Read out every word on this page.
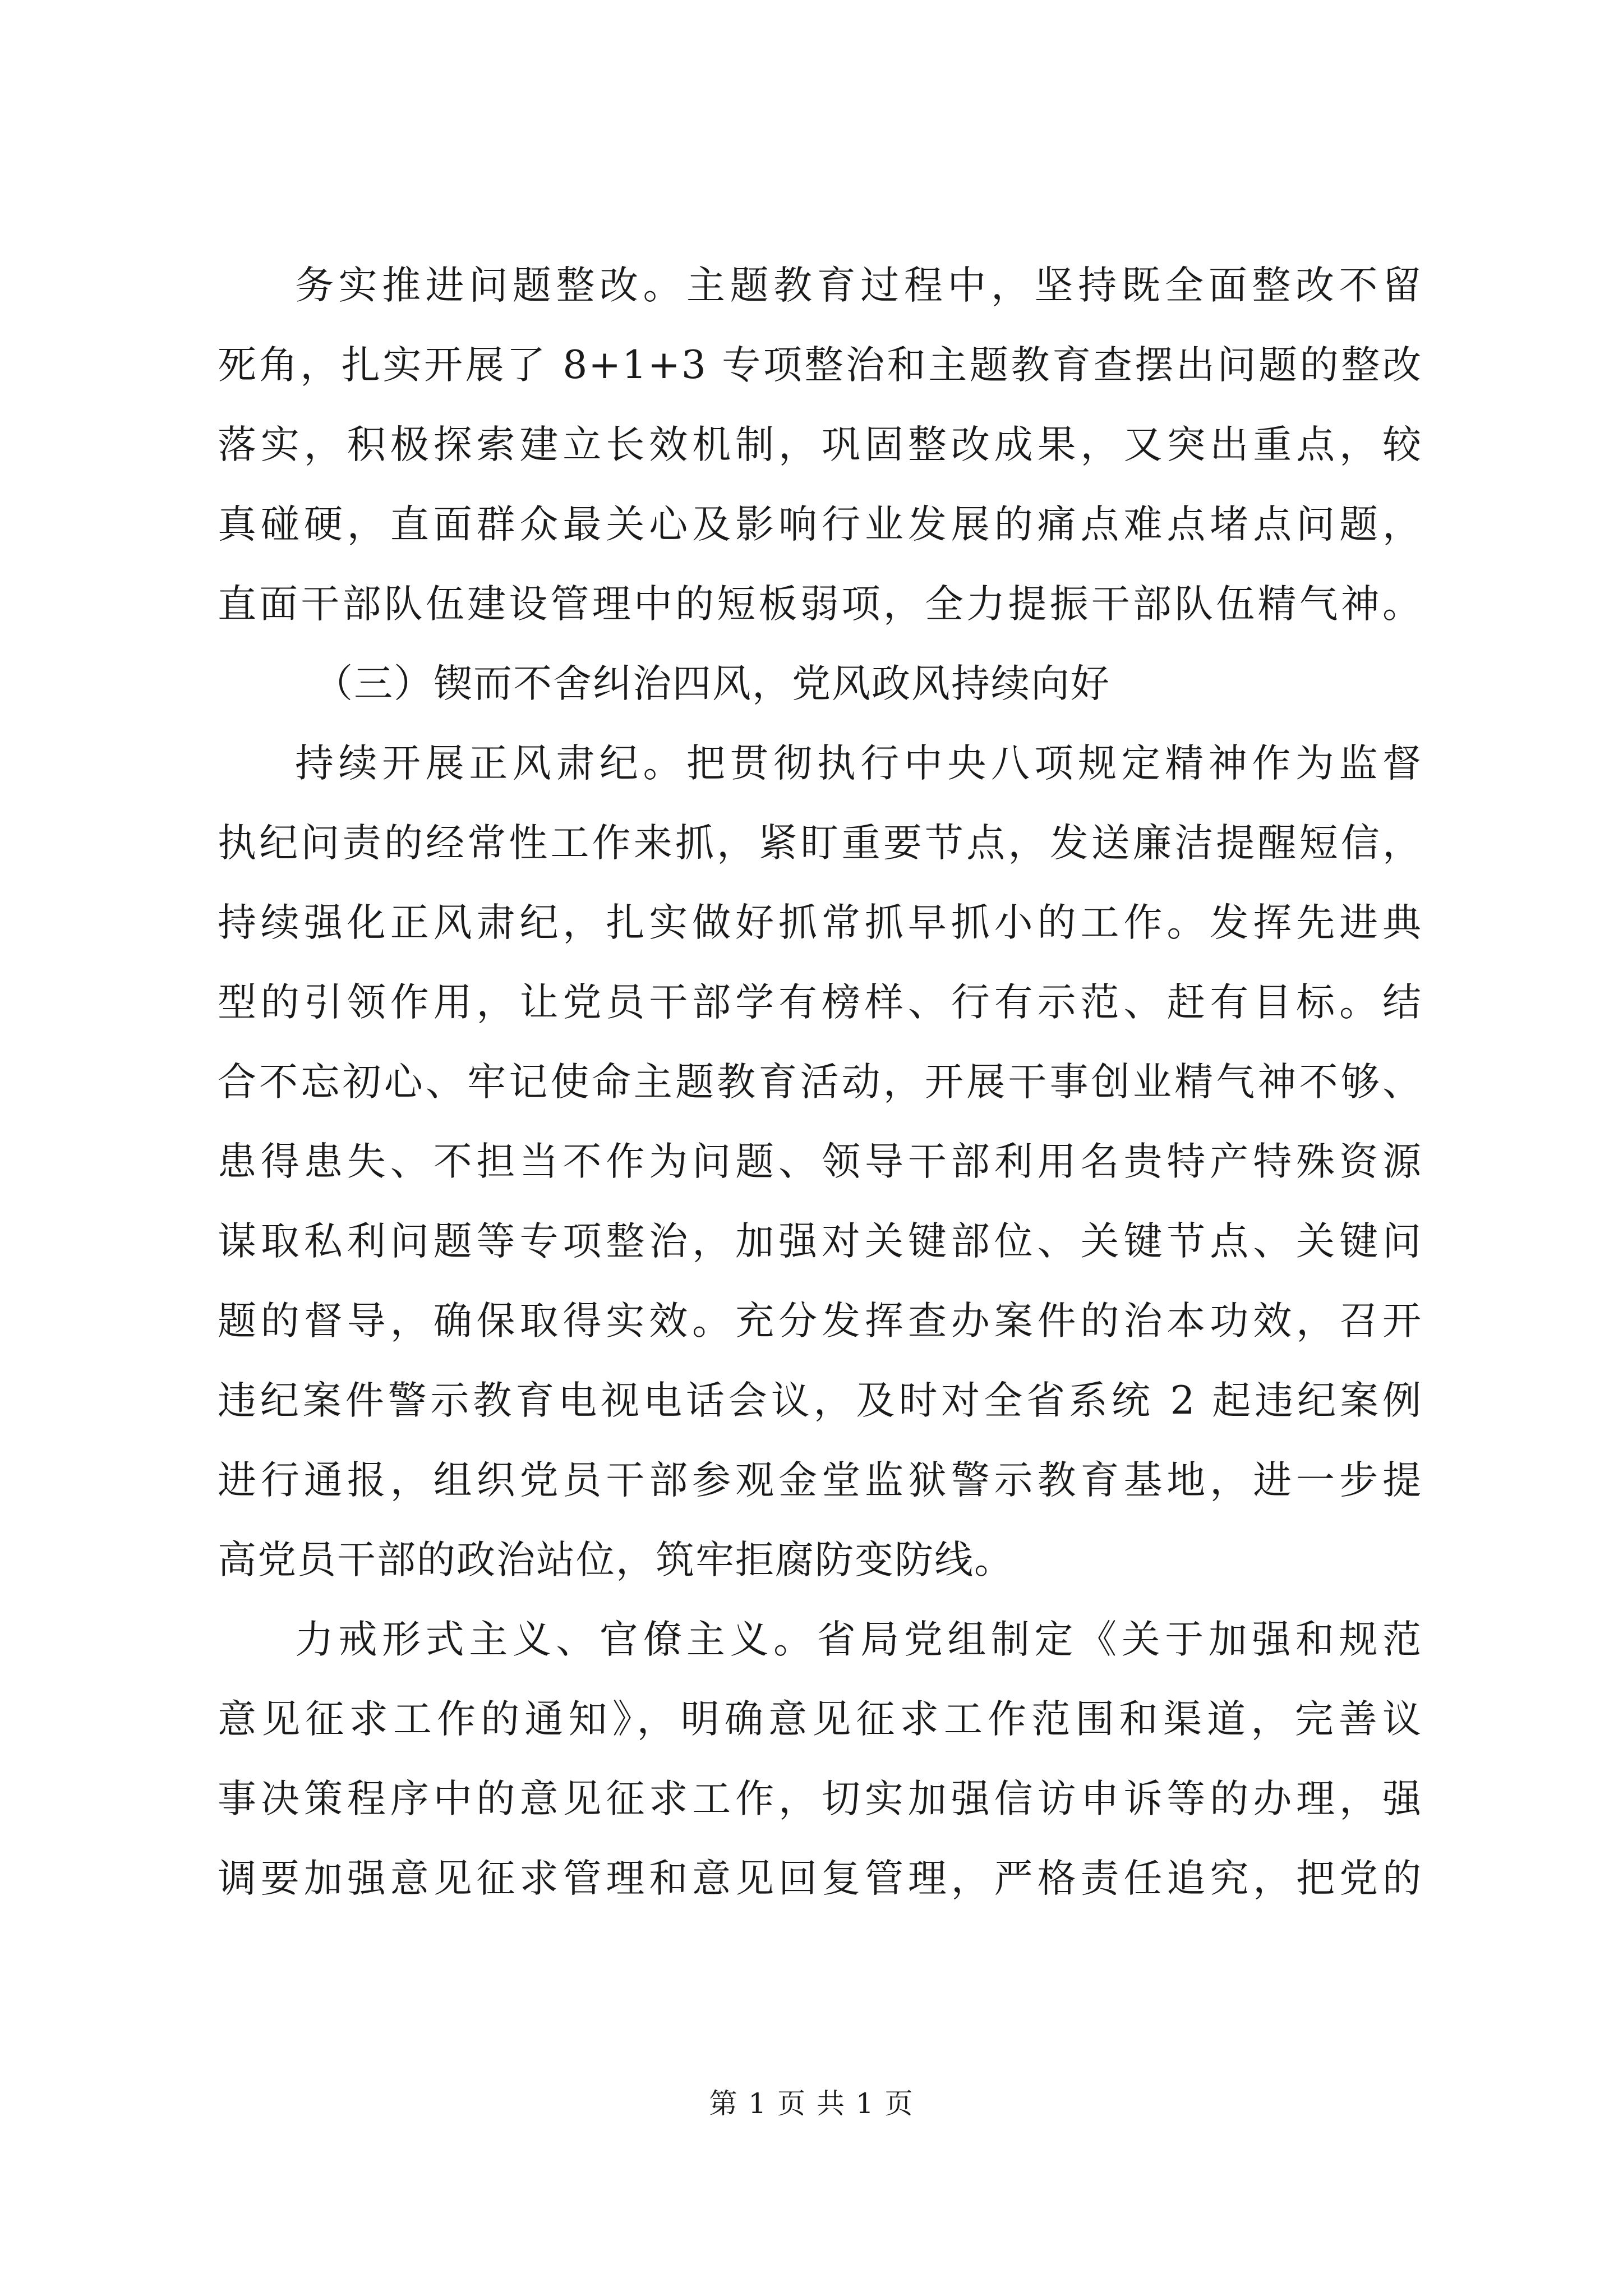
务实推进问题整改。主题教育过程中，坚持既全面整改不留
死角，扎实开展了 8+1+3 专项整治和主题教育查摆出问题的整改
落实，积极探索建立长效机制，巩固整改成果，又突出重点，较
真碰硬，直面群众最关心及影响行业发展的痛点难点堵点问题，
直面干部队伍建设管理中的短板弱项，全力提振干部队伍精气神。
（三）锲而不舍纠治四风，党风政风持续向好
持续开展正风肃纪。把贯彻执行中央八项规定精神作为监督
执纪问责的经常性工作来抓，紧盯重要节点，发送廉洁提醒短信，
持续强化正风肃纪，扎实做好抓常抓早抓小的工作。发挥先进典
型的引领作用，让党员干部学有榜样、行有示范、赶有目标。结
合不忘初心、牢记使命主题教育活动，开展干事创业精气神不够、
患得患失、不担当不作为问题、领导干部利用名贵特产特殊资源
谋取私利问题等专项整治，加强对关键部位、关键节点、关键问
题的督导，确保取得实效。充分发挥查办案件的治本功效，召开
违纪案件警示教育电视电话会议，及时对全省系统 2 起违纪案例
进行通报，组织党员干部参观金堂监狱警示教育基地，进一步提
高党员干部的政治站位，筑牢拒腐防变防线。
力戒形式主义、官僚主义。省局党组制定《关于加强和规范
意见征求工作的通知》，明确意见征求工作范围和渠道，完善议
事决策程序中的意见征求工作，切实加强信访申诉等的办理，强
调要加强意见征求管理和意见回复管理，严格责任追究，把党的
第 1 页 共 1 页
